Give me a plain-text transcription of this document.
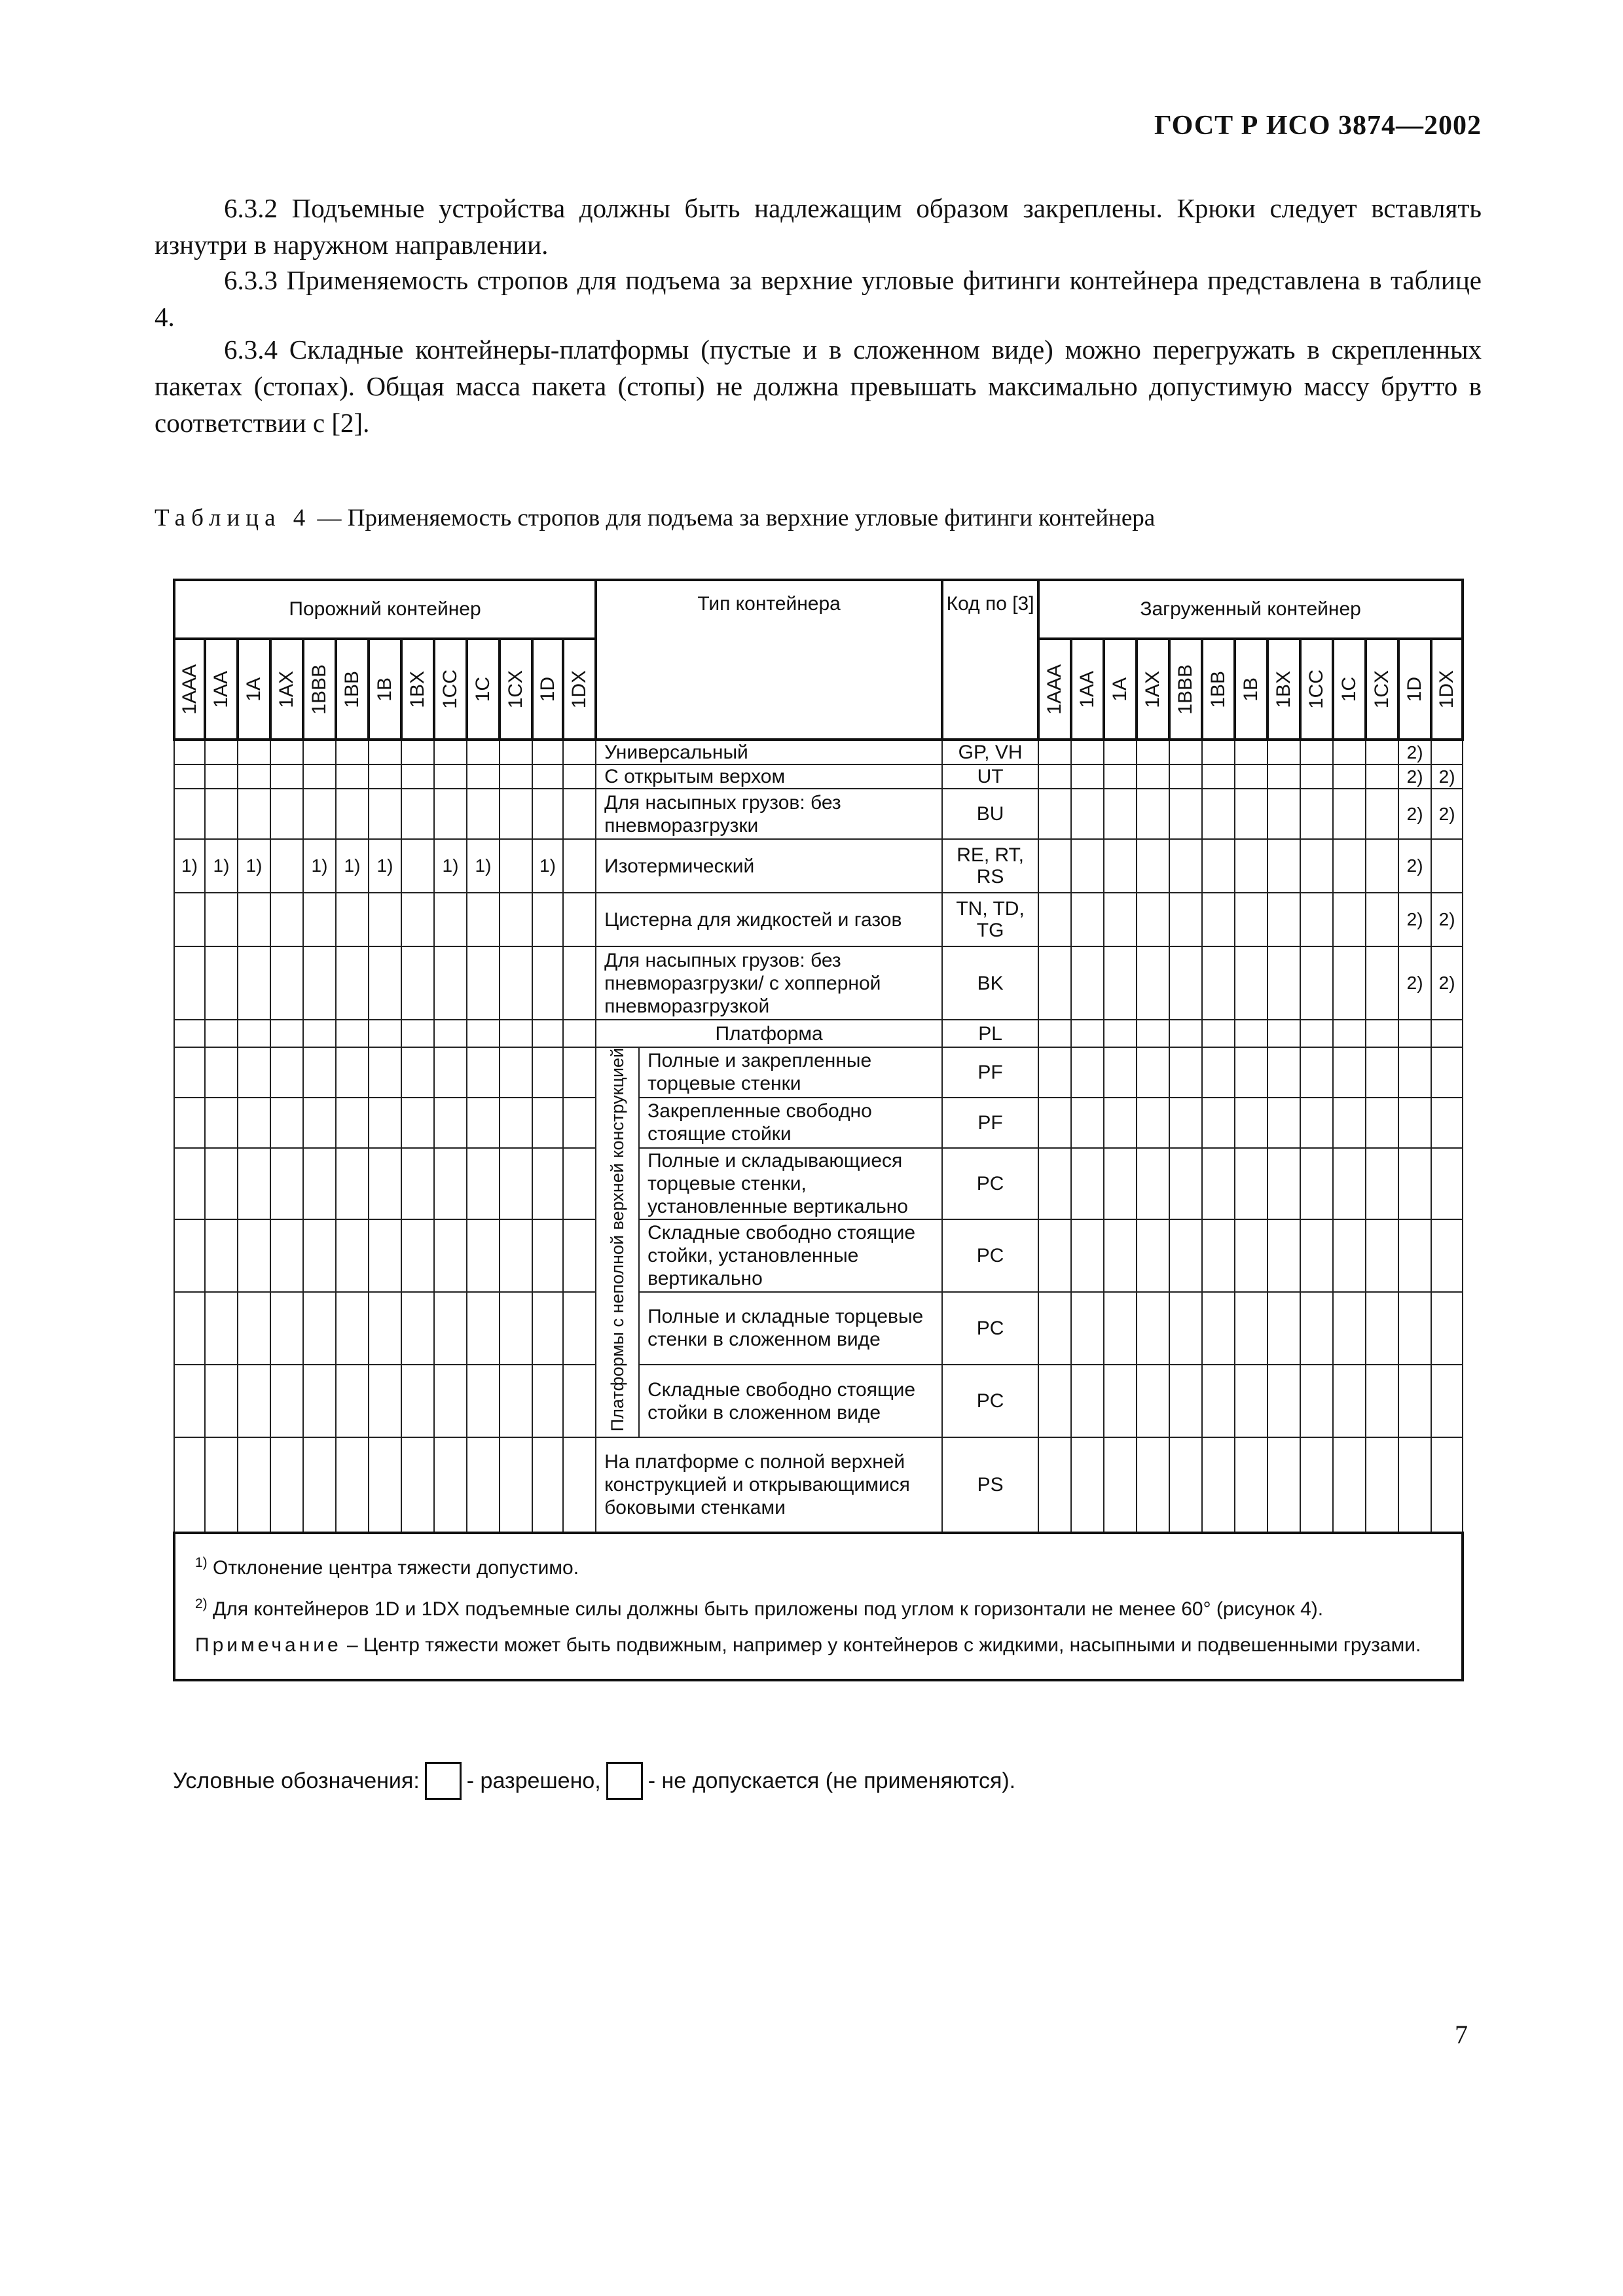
ГОСТ Р ИСО 3874—2002

6.3.2 Подъемные устройства должны быть надлежащим образом закреплены. Крюки следует вставлять изнутри в наружном направлении.

6.3.3 Применяемость стропов для подъема за верхние угловые фитинги контейнера представлена в таблице 4.

6.3.4 Складные контейнеры-платформы (пустые и в сложенном виде) можно перегружать в скрепленных пакетах (стопах). Общая масса пакета (стопы) не должна превышать максимально допустимую массу брутто в соответствии с [2].

Таблица 4 — Применяемость стропов для подъема за верхние угловые фитинги контейнера
Порожний контейнер													Тип контейнера		Код по [3]	Загруженный контейнер												

1AAA	1AA	1A	1AX	1BBB	1BB	1B	1BX	1CC	1C	1CX	1D	1DX				1AAA	1AA	1A	1AX	1BBB	1BB	1B	1BX	1CC	1C	1CX	1D	1DX

													Универсальный		GP, VH												2)	
													С открытым верхом		UT												2)	2)
													Для насыпных грузов: без пневморазгрузки		BU												2)	2)
1)	1)	1)		1)	1)	1)		1)	1)		1)		Изотермический		RE, RT, RS												2)	
													Цистерна для жидкостей и газов		TN, TD, TG												2)	2)
													Для насыпных грузов: без пневморазгрузки/ с хопперной пневморазгрузкой		BK												2)	2)
													Платформа		PL													
													Платформы с неполной верхней конструкцией	Полные и закрепленные торцевые стенки	PF													
														Закрепленные свободно стоящие стойки	PF													
														Полные и складывающиеся торцевые стенки, установленные вертикально	PC													
														Складные свободно стоящие стойки, установленные вертикально	PC													
														Полные и складные торцевые стенки в сложенном виде	PC													
														Складные свободно стоящие стойки в сложенном виде	PC													
													На платформе с полной верхней конструкцией и открывающимися боковыми стенками		PS													

$^{1)}$ Отклонение центра тяжести допустимо.
$^{2)}$ Для контейнеров 1D и 1DX подъемные силы должны быть приложены под углом к горизонтали не менее 60° (рисунок 4).
Примечание – Центр тяжести может быть подвижным, например у контейнеров с жидкими, насыпными и подвешенными грузами.																												
Условные обозначения: - разрешено, - не допускается (не применяются).
7
